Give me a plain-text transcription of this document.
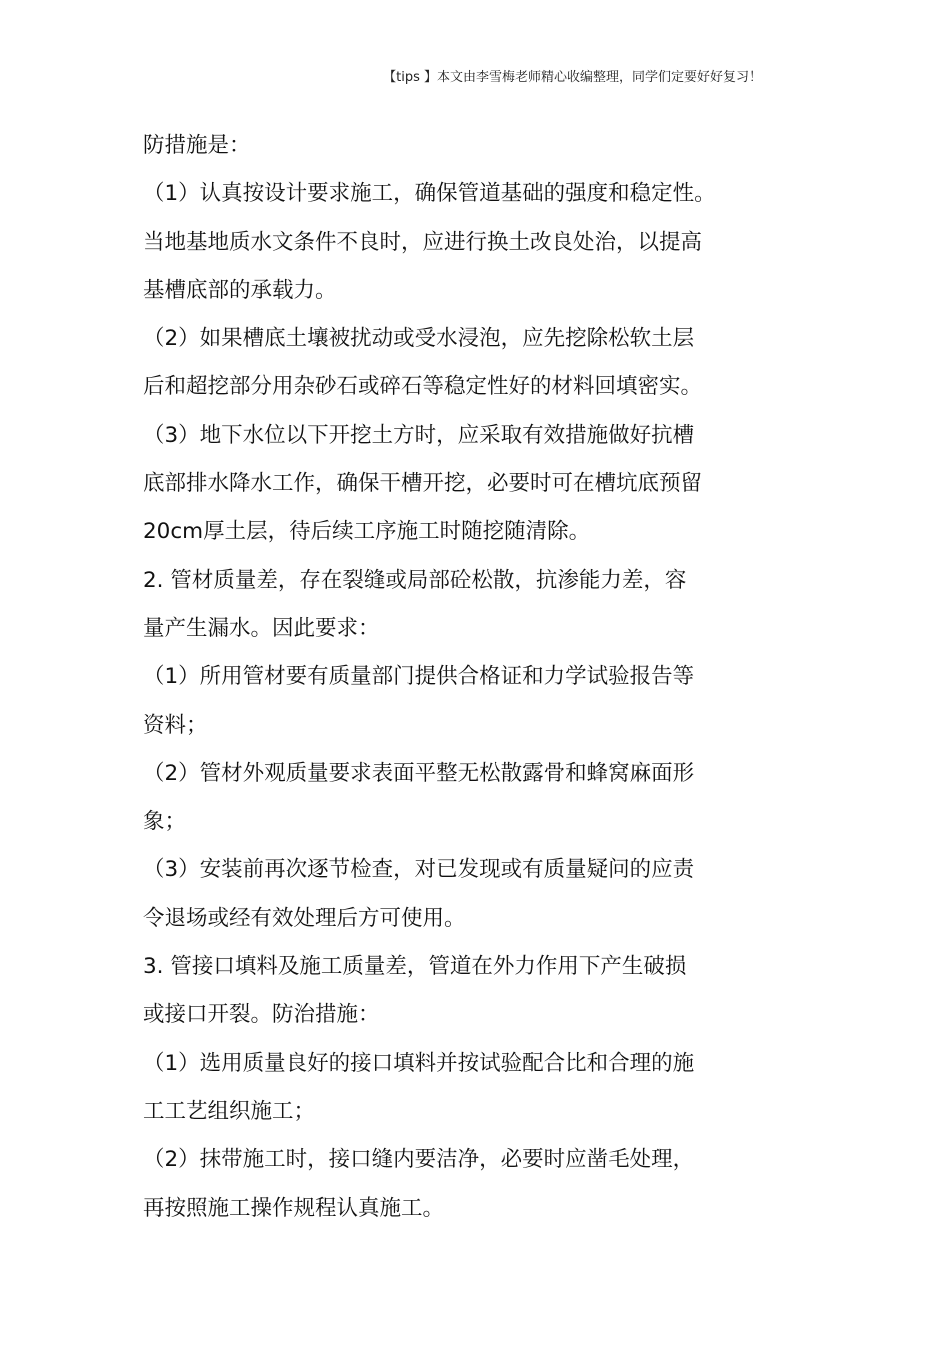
【tips 】本文由李雪梅老师精心收编整理，同学们定要好好复习！
防措施是：
（1）认真按设计要求施工，确保管道基础的强度和稳定性。
当地基地质水文条件不良时，应进行换土改良处治，以提高
基槽底部的承载力。
（2）如果槽底土壤被扰动或受水浸泡，应先挖除松软土层
后和超挖部分用杂砂石或碎石等稳定性好的材料回填密实。
（3）地下水位以下开挖土方时，应采取有效措施做好抗槽
底部排水降水工作，确保干槽开挖，必要时可在槽坑底预留
20cm厚土层，待后续工序施工时随挖随清除。
2. 管材质量差，存在裂缝或局部砼松散，抗渗能力差，容
量产生漏水。因此要求：
（1）所用管材要有质量部门提供合格证和力学试验报告等
资料；
（2）管材外观质量要求表面平整无松散露骨和蜂窝麻面形
象；
（3）安装前再次逐节检查，对已发现或有质量疑问的应责
令退场或经有效处理后方可使用。
3. 管接口填料及施工质量差，管道在外力作用下产生破损
或接口开裂。防治措施：
（1）选用质量良好的接口填料并按试验配合比和合理的施
工工艺组织施工；
（2）抹带施工时，接口缝内要洁净，必要时应凿毛处理，
再按照施工操作规程认真施工。
